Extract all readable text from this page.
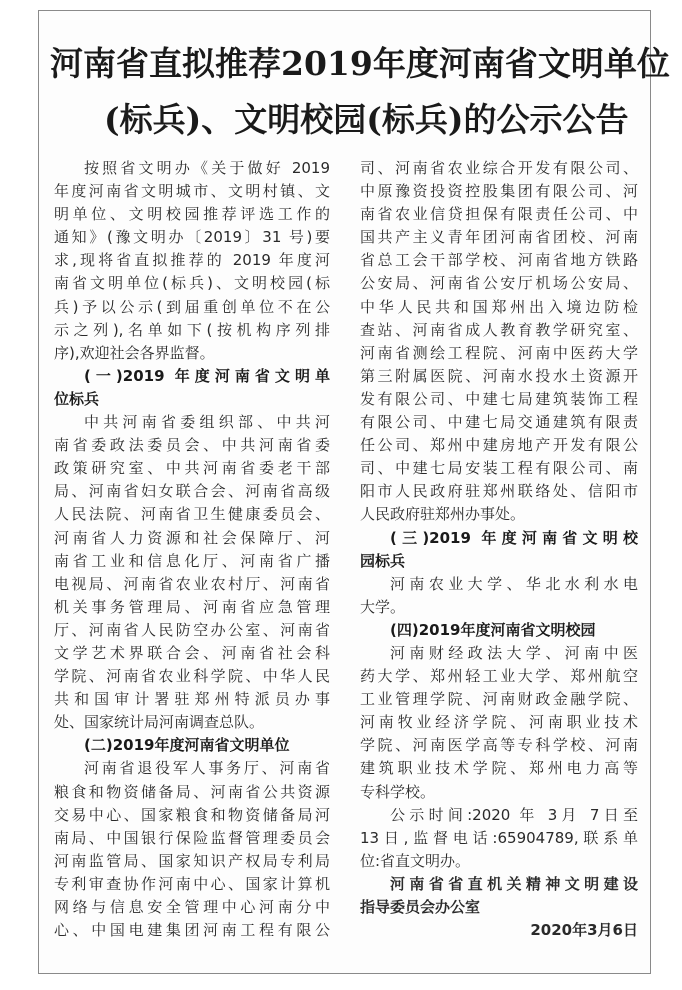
河南省直拟推荐2019年度河南省文明单位
(标兵)、文明校园(标兵)的公示公告
按照省文明办《关于做好 2019
年度河南省文明城市、文明村镇、文
明单位、文明校园推荐评选工作的
通知》(豫文明办〔2019〕31 号)要
求,现将省直拟推荐的 2019 年度河
南省文明单位(标兵)、文明校园(标
兵)予以公示(到届重创单位不在公
示之列),名单如下(按机构序列排
序),欢迎社会各界监督。
(一)2019 年度河南省文明单
位标兵
中共河南省委组织部、中共河
南省委政法委员会、中共河南省委
政策研究室、中共河南省委老干部
局、河南省妇女联合会、河南省高级
人民法院、河南省卫生健康委员会、
河南省人力资源和社会保障厅、河
南省工业和信息化厅、河南省广播
电视局、河南省农业农村厅、河南省
机关事务管理局、河南省应急管理
厅、河南省人民防空办公室、河南省
文学艺术界联合会、河南省社会科
学院、河南省农业科学院、中华人民
共和国审计署驻郑州特派员办事
处、国家统计局河南调查总队。
(二)2019年度河南省文明单位
河南省退役军人事务厅、河南省
粮食和物资储备局、河南省公共资源
交易中心、国家粮食和物资储备局河
南局、中国银行保险监督管理委员会
河南监管局、国家知识产权局专利局
专利审查协作河南中心、国家计算机
网络与信息安全管理中心河南分中
心、中国电建集团河南工程有限公
司、河南省农业综合开发有限公司、
中原豫资投资控股集团有限公司、河
南省农业信贷担保有限责任公司、中
国共产主义青年团河南省团校、河南
省总工会干部学校、河南省地方铁路
公安局、河南省公安厅机场公安局、
中华人民共和国郑州出入境边防检
查站、河南省成人教育教学研究室、
河南省测绘工程院、河南中医药大学
第三附属医院、河南水投水土资源开
发有限公司、中建七局建筑装饰工程
有限公司、中建七局交通建筑有限责
任公司、郑州中建房地产开发有限公
司、中建七局安装工程有限公司、南
阳市人民政府驻郑州联络处、信阳市
人民政府驻郑州办事处。
(三)2019 年度河南省文明校
园标兵
河南农业大学、华北水利水电
大学。
(四)2019年度河南省文明校园
河南财经政法大学、河南中医
药大学、郑州轻工业大学、郑州航空
工业管理学院、河南财政金融学院、
河南牧业经济学院、河南职业技术
学院、河南医学高等专科学校、河南
建筑职业技术学院、郑州电力高等
专科学校。
公示时间:2020 年 3月 7日至
13日,监督电话:65904789,联系单
位:省直文明办。
河南省省直机关精神文明建设
指导委员会办公室
2020年3月6日
